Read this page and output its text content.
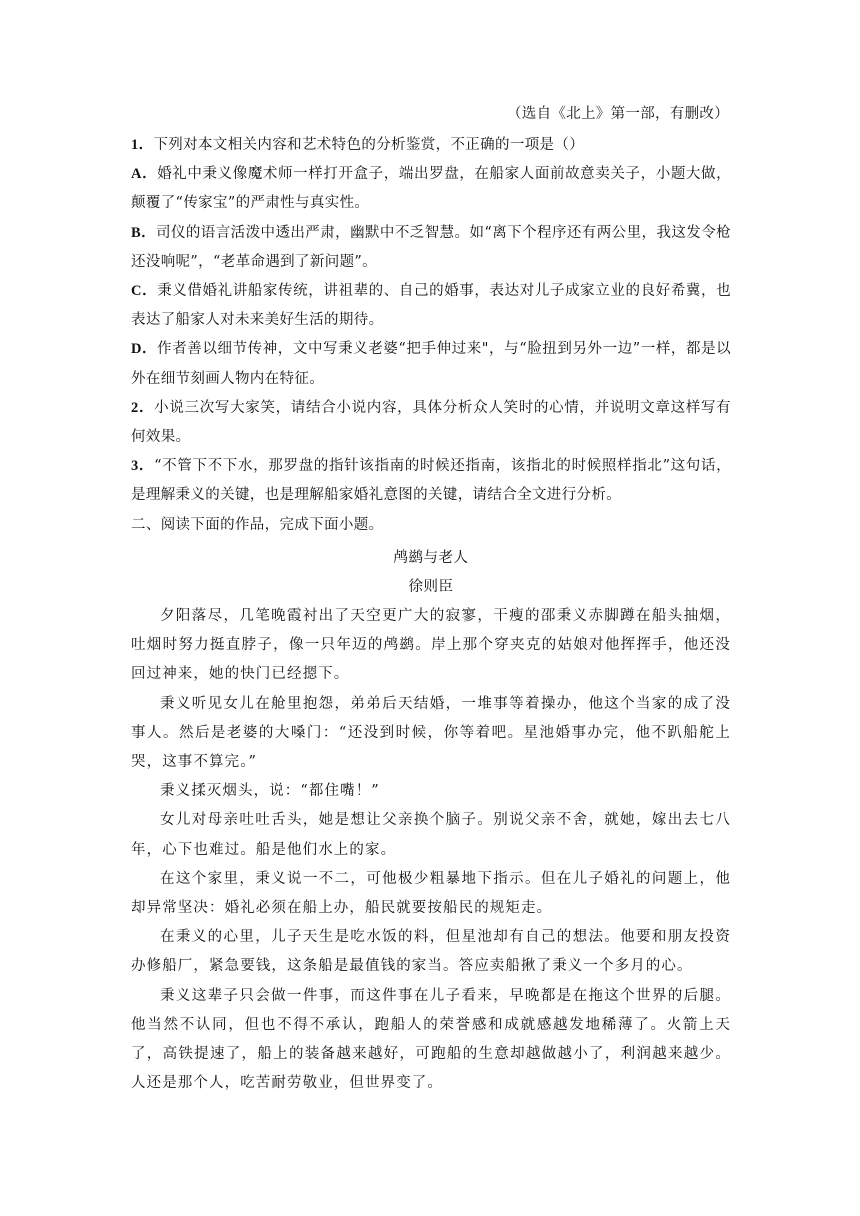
（选自《北上》第一部，有删改）

1．下列对本文相关内容和艺术特色的分析鉴赏，不正确的一项是（）

A．婚礼中秉义像魔术师一样打开盒子，端出罗盘，在船家人面前故意卖关子，小题大做，颠覆了“传家宝”的严肃性与真实性。

B．司仪的语言活泼中透出严肃，幽默中不乏智慧。如“离下个程序还有两公里，我这发令枪还没响呢”，“老革命遇到了新问题”。

C．秉义借婚礼讲船家传统，讲祖辈的、自己的婚事，表达对儿子成家立业的良好希冀，也表达了船家人对未来美好生活的期待。

D．作者善以细节传神，文中写秉义老婆“把手伸过来"，与“脸扭到另外一边”一样，都是以外在细节刻画人物内在特征。

2．小说三次写大家笑，请结合小说内容，具体分析众人笑时的心情，并说明文章这样写有何效果。

3．“不管下不下水，那罗盘的指针该指南的时候还指南，该指北的时候照样指北”这句话，是理解秉义的关键，也是理解船家婚礼意图的关键，请结合全文进行分析。

二、阅读下面的作品，完成下面小题。

鸬鹚与老人
徐则臣

夕阳落尽，几笔晚霞衬出了天空更广大的寂寥，干瘦的邵秉义赤脚蹲在船头抽烟，吐烟时努力挺直脖子，像一只年迈的鸬鹚。岸上那个穿夹克的姑娘对他挥挥手，他还没回过神来，她的快门已经摁下。

秉义听见女儿在舱里抱怨，弟弟后天结婚，一堆事等着操办，他这个当家的成了没事人。然后是老婆的大嗓门：“还没到时候，你等着吧。星池婚事办完，他不趴船舵上哭，这事不算完。”

秉义揉灭烟头，说：“都住嘴！”

女儿对母亲吐吐舌头，她是想让父亲换个脑子。别说父亲不舍，就她，嫁出去七八年，心下也难过。船是他们水上的家。

在这个家里，秉义说一不二，可他极少粗暴地下指示。但在儿子婚礼的问题上，他却异常坚决：婚礼必须在船上办，船民就要按船民的规矩走。

在秉义的心里，儿子天生是吃水饭的料，但星池却有自己的想法。他要和朋友投资办修船厂，紧急要钱，这条船是最值钱的家当。答应卖船揪了秉义一个多月的心。

秉义这辈子只会做一件事，而这件事在儿子看来，早晚都是在拖这个世界的后腿。他当然不认同，但也不得不承认，跑船人的荣誉感和成就感越发地稀薄了。火箭上天了，高铁提速了，船上的装备越来越好，可跑船的生意却越做越小了，利润越来越少。人还是那个人，吃苦耐劳敬业，但世界变了。
